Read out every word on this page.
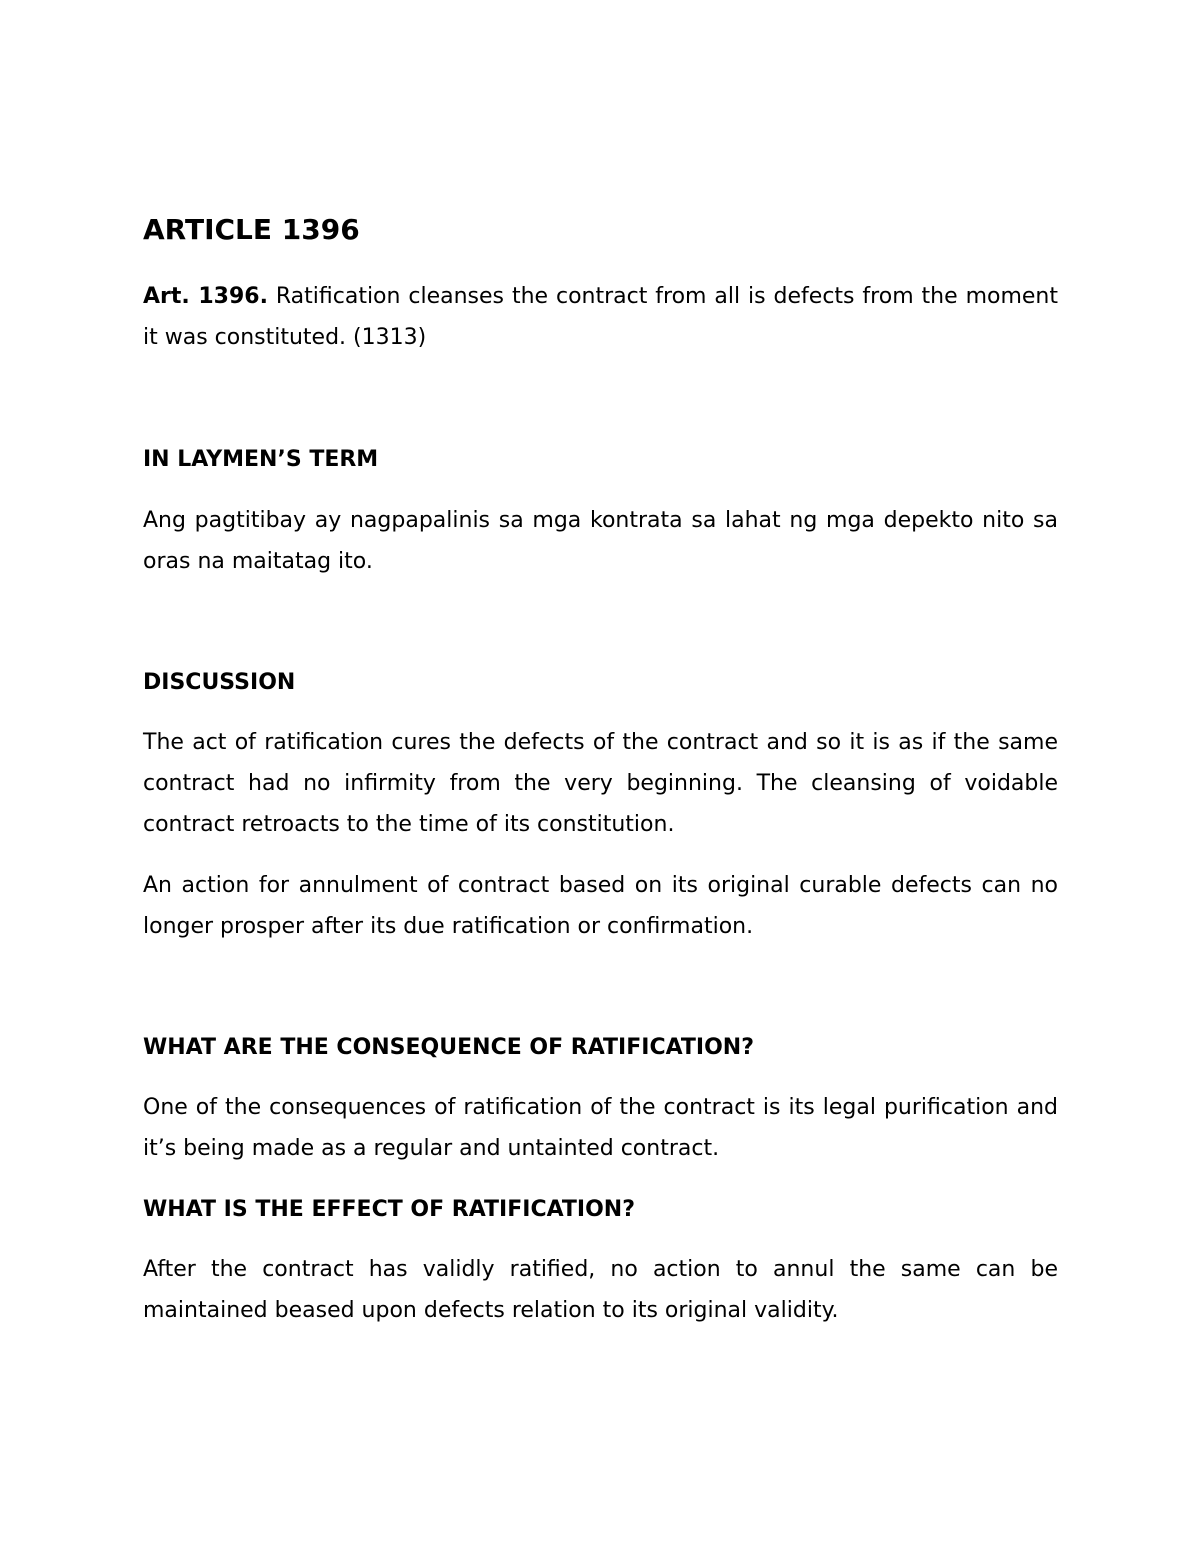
ARTICLE 1396

Art. 1396. Ratification cleanses the contract from all is defects from the moment it was constituted. (1313)

IN LAYMEN’S TERM

Ang pagtitibay ay nagpapalinis sa mga kontrata sa lahat ng mga depekto nito sa oras na maitatag ito.

DISCUSSION

The act of ratification cures the defects of the contract and so it is as if the same contract had no infirmity from the very beginning. The cleansing of voidable contract retroacts to the time of its constitution.

An action for annulment of contract based on its original curable defects can no longer prosper after its due ratification or confirmation.

WHAT ARE THE CONSEQUENCE OF RATIFICATION?

One of the consequences of ratification of the contract is its legal purification and it’s being made as a regular and untainted contract.

WHAT IS THE EFFECT OF RATIFICATION?

After the contract has validly ratified, no action to annul the same can be maintained beased upon defects relation to its original validity.
